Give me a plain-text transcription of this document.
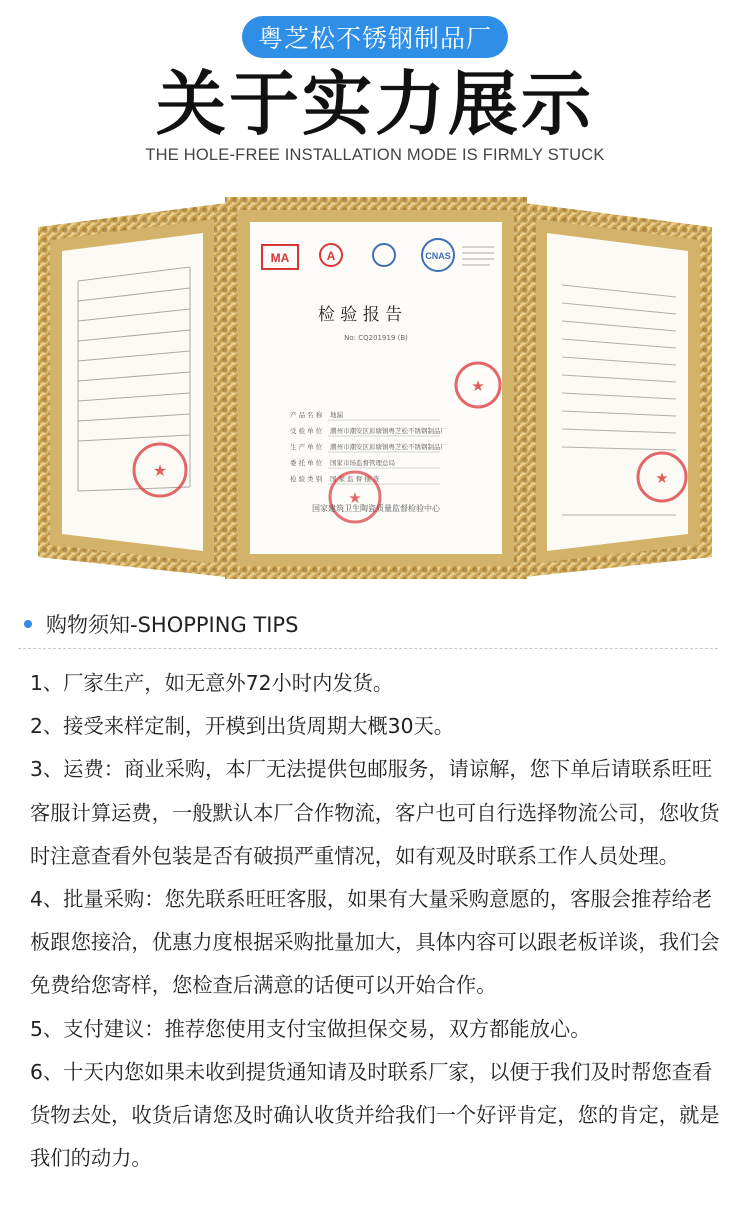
粤芝松不锈钢制品厂
关于实力展示
THE HOLE-FREE INSTALLATION MODE IS FIRMLY STUCK
★	★
MA	A	CNAS
检 验 报 告
No: CQ201919 (B)
★
产 品 名 称 地漏
受 检 单 位 潮州市潮安区彩塘镇粤芝松不锈钢制品厂
生 产 单 位 潮州市潮安区彩塘镇粤芝松不锈钢制品厂
委 托 单 位 国家市场监督管理总局
检 验 类 别 国 家 监 督 抽 查
★
国家建筑卫生陶瓷质量监督检验中心
购物须知-SHOPPING TIPS

1、厂家生产，如无意外72小时内发货。

2、接受来样定制，开模到出货周期大概30天。

3、运费：商业采购，本厂无法提供包邮服务，请谅解，您下单后请联系旺旺客服计算运费，一般默认本厂合作物流，客户也可自行选择物流公司，您收货时注意查看外包装是否有破损严重情况，如有观及时联系工作人员处理。

4、批量采购：您先联系旺旺客服，如果有大量采购意愿的，客服会推荐给老板跟您接洽，优惠力度根据采购批量加大，具体内容可以跟老板详谈，我们会免费给您寄样，您检查后满意的话便可以开始合作。

5、支付建议：推荐您使用支付宝做担保交易，双方都能放心。

6、十天内您如果未收到提货通知请及时联系厂家，以便于我们及时帮您查看货物去处，收货后请您及时确认收货并给我们一个好评肯定，您的肯定，就是我们的动力。
